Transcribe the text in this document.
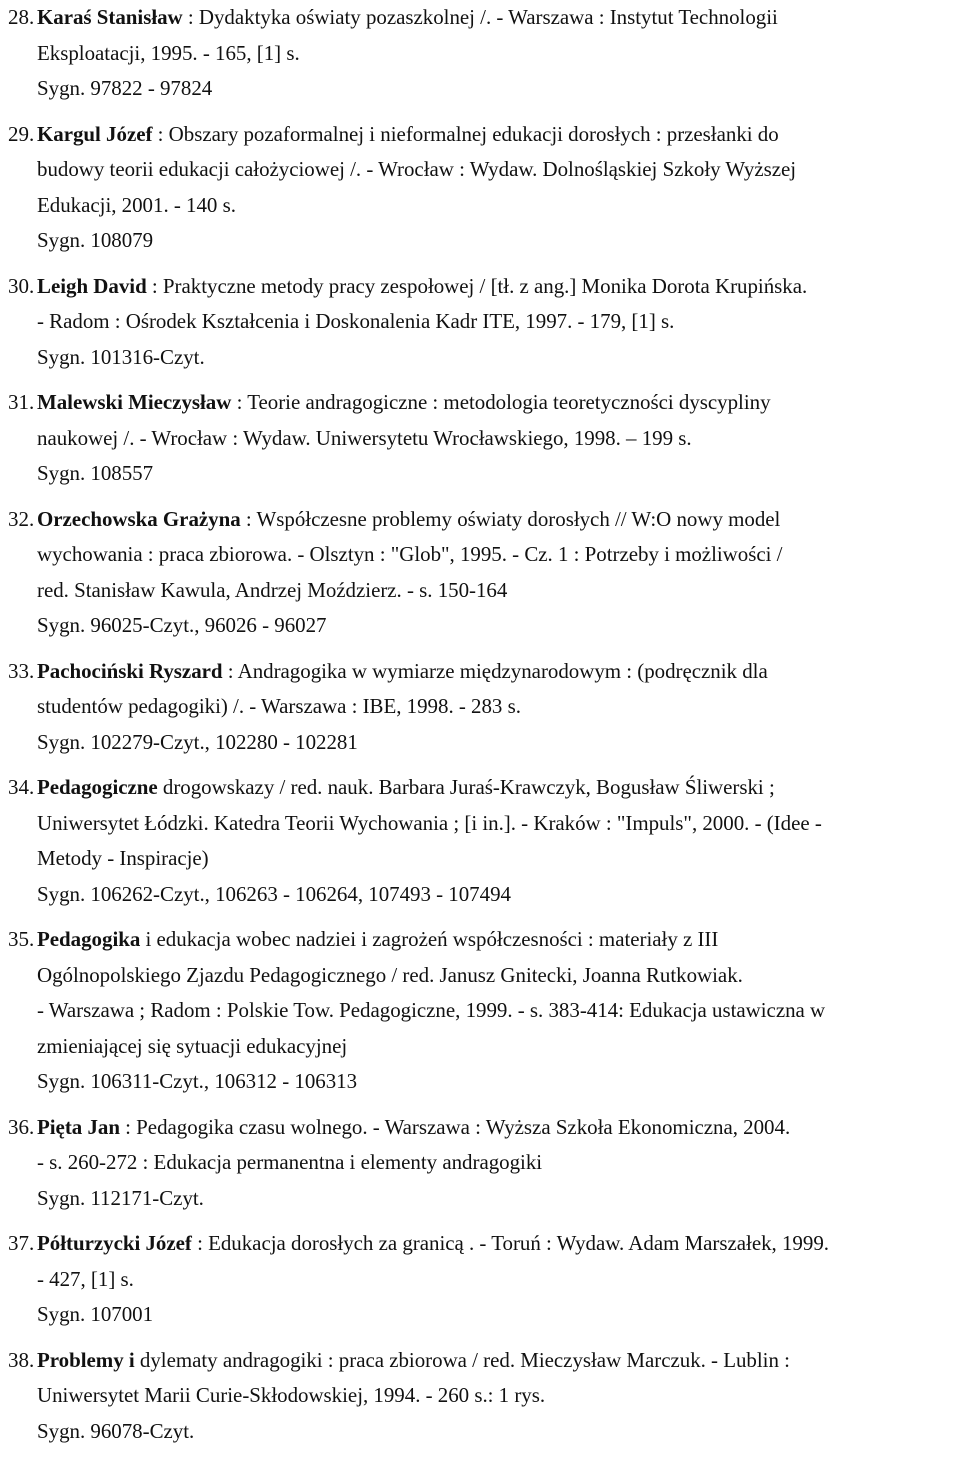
28. Karaś Stanisław : Dydaktyka oświaty pozaszkolnej /. - Warszawa : Instytut Technologii
Eksploatacji, 1995. - 165, [1] s.
Sygn. 97822 - 97824
29. Kargul Józef : Obszary pozaformalnej i nieformalnej edukacji dorosłych : przesłanki do
budowy teorii edukacji całożyciowej /. - Wrocław : Wydaw. Dolnośląskiej Szkoły Wyższej
Edukacji, 2001. - 140 s.
Sygn. 108079
30. Leigh David : Praktyczne metody pracy zespołowej / [tł. z ang.] Monika Dorota Krupińska.
- Radom : Ośrodek Kształcenia i Doskonalenia Kadr ITE, 1997. - 179, [1] s.
Sygn. 101316-Czyt.
31. Malewski Mieczysław : Teorie andragogiczne : metodologia teoretyczności dyscypliny
naukowej /. - Wrocław : Wydaw. Uniwersytetu Wrocławskiego, 1998. – 199 s.
Sygn. 108557
32. Orzechowska Grażyna : Współczesne problemy oświaty dorosłych // W:O nowy model
wychowania : praca zbiorowa. - Olsztyn : "Glob", 1995. - Cz. 1 : Potrzeby i możliwości /
red. Stanisław Kawula, Andrzej Moździerz. - s. 150-164
Sygn. 96025-Czyt., 96026 - 96027
33. Pachociński Ryszard : Andragogika w wymiarze międzynarodowym : (podręcznik dla
studentów pedagogiki) /. - Warszawa : IBE, 1998. - 283 s.
Sygn. 102279-Czyt., 102280 - 102281
34. Pedagogiczne drogowskazy / red. nauk. Barbara Juraś-Krawczyk, Bogusław Śliwerski ;
Uniwersytet Łódzki. Katedra Teorii Wychowania ; [i in.]. - Kraków : "Impuls", 2000. - (Idee -
Metody - Inspiracje)
Sygn. 106262-Czyt., 106263 - 106264, 107493 - 107494
35. Pedagogika i edukacja wobec nadziei i zagrożeń współczesności : materiały z III
Ogólnopolskiego Zjazdu Pedagogicznego / red. Janusz Gnitecki, Joanna Rutkowiak.
- Warszawa ; Radom : Polskie Tow. Pedagogiczne, 1999. - s. 383-414: Edukacja ustawiczna w
zmieniającej się sytuacji edukacyjnej
Sygn. 106311-Czyt., 106312 - 106313
36. Pięta Jan : Pedagogika czasu wolnego. - Warszawa : Wyższa Szkoła Ekonomiczna, 2004.
- s. 260-272 : Edukacja permanentna i elementy andragogiki
Sygn. 112171-Czyt.
37. Półturzycki Józef : Edukacja dorosłych za granicą . - Toruń : Wydaw. Adam Marszałek, 1999.
- 427, [1] s.
Sygn. 107001
38. Problemy i dylematy andragogiki : praca zbiorowa / red. Mieczysław Marczuk. - Lublin :
Uniwersytet Marii Curie-Skłodowskiej, 1994. - 260 s.: 1 rys.
Sygn. 96078-Czyt.
